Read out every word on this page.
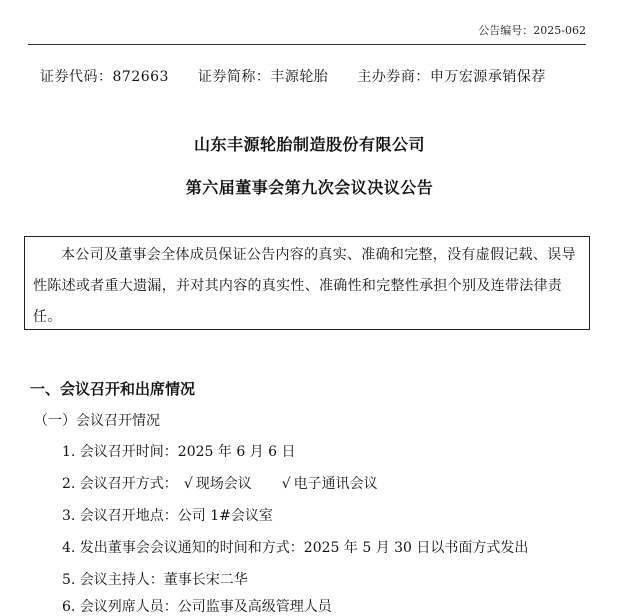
公告编号：2025-062
证券代码：872663 证券简称：丰源轮胎 主办券商：申万宏源承销保荐
山东丰源轮胎制造股份有限公司
第六届董事会第九次会议决议公告

本公司及董事会全体成员保证公告内容的真实、准确和完整，没有虚假记载、误导性陈述或者重大遗漏，并对其内容的真实性、准确性和完整性承担个别及连带法律责任。

一、会议召开和出席情况
（一）会议召开情况
1. 会议召开时间：2025 年 6 月 6 日
2. 会议召开方式： √ 现场会议 √ 电子通讯会议
3. 会议召开地点：公司 1#会议室
4. 发出董事会会议通知的时间和方式：2025 年 5 月 30 日以书面方式发出
5. 会议主持人：董事长宋二华
6. 会议列席人员：公司监事及高级管理人员
